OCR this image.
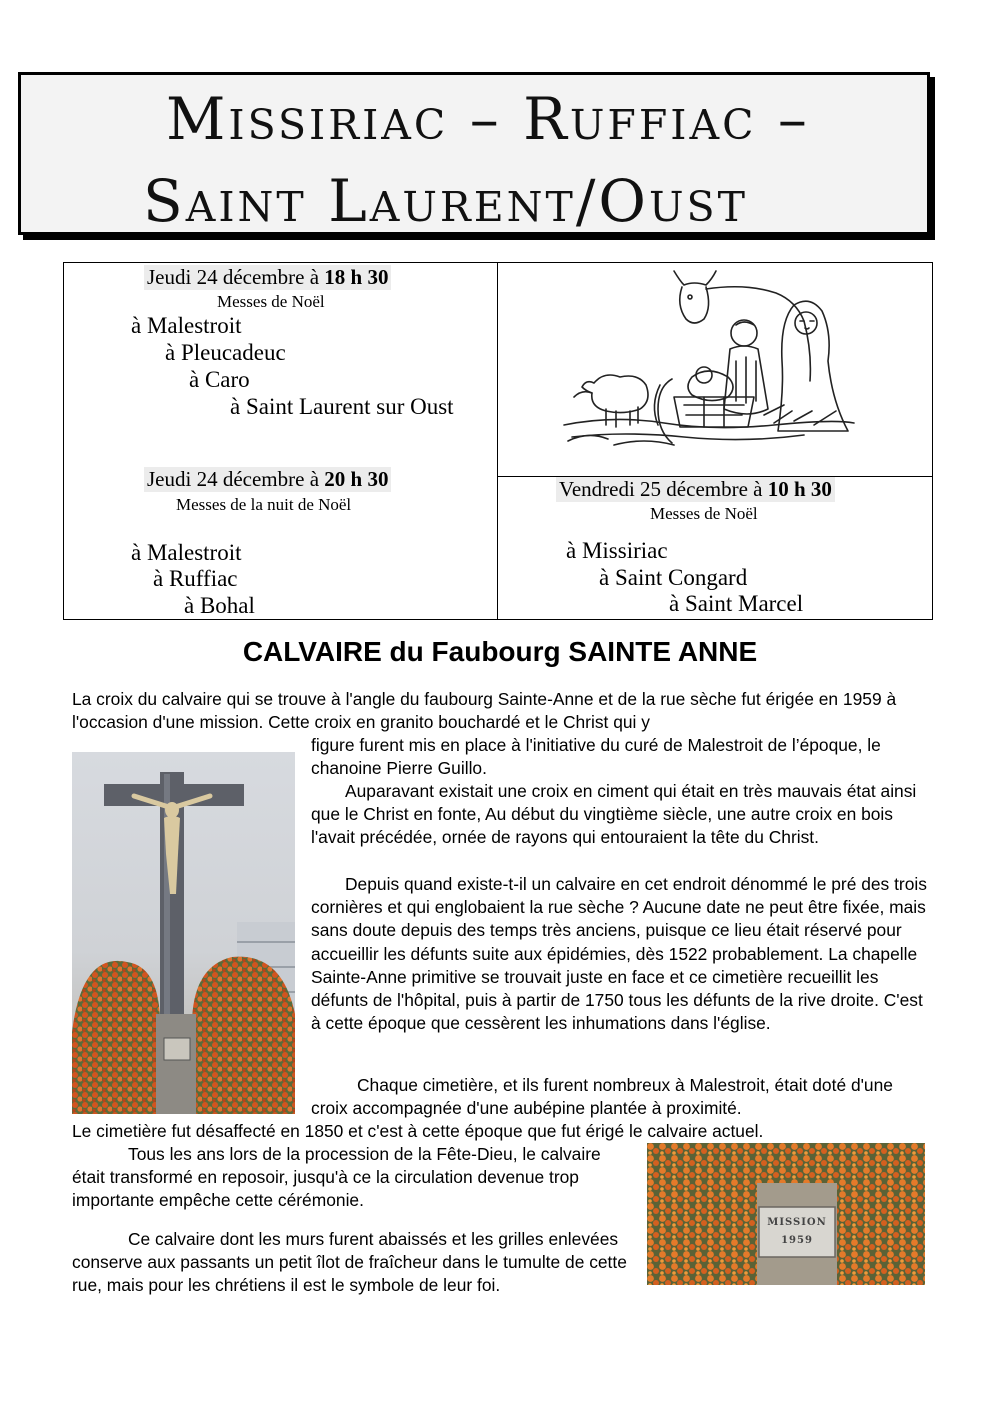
Missiriac – Ruffiac –
Saint Laurent/Oust
Jeudi 24 décembre à 18 h 30
Messes de Noël
à Malestroit
à Pleucadeuc
à Caro
à Saint Laurent sur Oust
Jeudi 24 décembre à 20 h 30
Messes de la nuit de Noël
à Malestroit
à Ruffiac
à Bohal
Vendredi 25 décembre à 10 h 30
Messes de Noël
à Missiriac
à Saint Congard
à Saint Marcel
CALVAIRE du Faubourg SAINTE ANNE

La croix du calvaire qui se trouve à l'angle du faubourg Sainte-Anne et de la rue sèche fut érigée en 1959 à l'occasion d'une mission. Cette croix en granito bouchardé et le Christ qui y

figure furent mis en place à l'initiative du curé de Malestroit de l’époque, le chanoine Pierre Guillo.

Auparavant existait une croix en ciment qui était en très mauvais état ainsi que le Christ en fonte, Au début du vingtième siècle, une autre croix en bois l'avait précédée, ornée de rayons qui entouraient la tête du Christ.

Depuis quand existe-t-il un calvaire en cet endroit dénommé le pré des trois cornières et qui englobaient la rue sèche ? Aucune date ne peut être fixée, mais sans doute depuis des temps très anciens, puisque ce lieu était réservé pour accueillir les défunts suite aux épidémies, dès 1522 probablement. La chapelle Sainte-Anne primitive se trouvait juste en face et ce cimetière recueillit les défunts de l'hôpital, puis à partir de 1750 tous les défunts de la rive droite. C'est à cette époque que cessèrent les inhumations dans l'église.

Chaque cimetière, et ils furent nombreux à Malestroit, était doté d'une croix accompagnée d'une aubépine plantée à proximité.

Le cimetière fut désaffecté en 1850 et c'est à cette époque que fut érigé le calvaire actuel.

Tous les ans lors de la procession de la Fête-Dieu, le calvaire était transformé en reposoir, jusqu'à ce la circulation devenue trop importante empêche cette cérémonie.

Ce calvaire dont les murs furent abaissés et les grilles enlevées conserve aux passants un petit îlot de fraîcheur dans le tumulte de cette rue, mais pour les chrétiens il est le symbole de leur foi.

MISSION
1959
